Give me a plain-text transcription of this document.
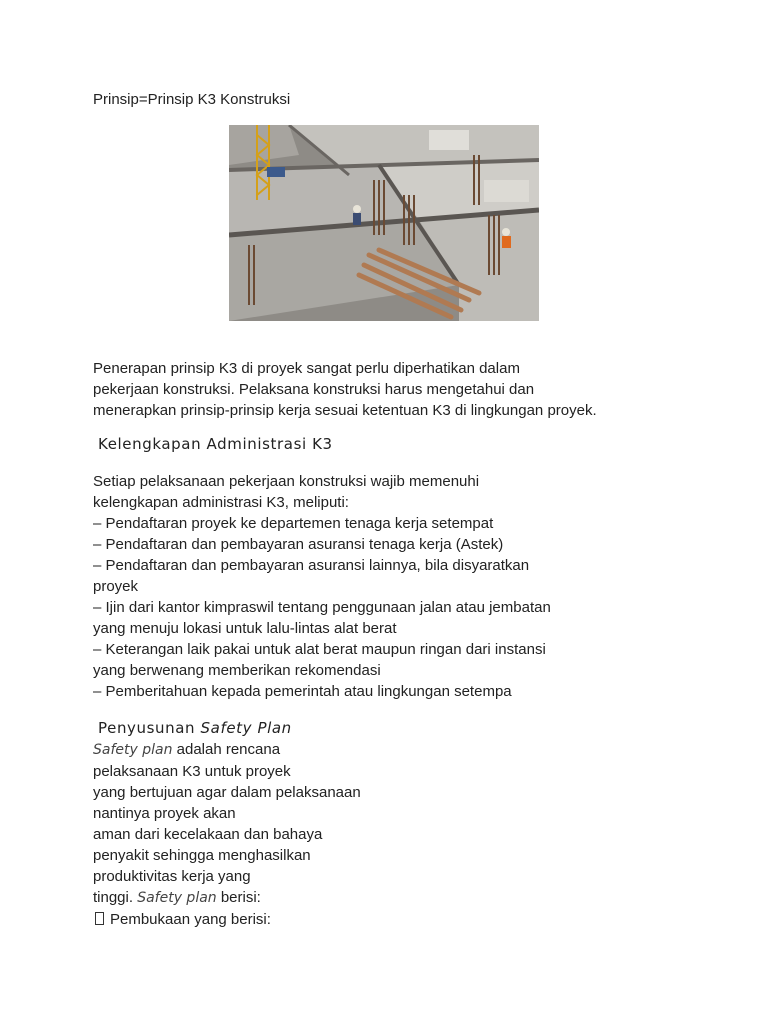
Prinsip=Prinsip K3 Konstruksi

Penerapan prinsip K3 di proyek sangat perlu diperhatikan dalam

pekerjaan konstruksi. Pelaksana konstruksi harus mengetahui dan

menerapkan prinsip-prinsip kerja sesuai ketentuan K3 di lingkungan proyek.

Kelengkapan Administrasi K3

Setiap pelaksanaan pekerjaan konstruksi wajib memenuhi

kelengkapan administrasi K3, meliputi:

– Pendaftaran proyek ke departemen tenaga kerja setempat

– Pendaftaran dan pembayaran asuransi tenaga kerja (Astek)

– Pendaftaran dan pembayaran asuransi lainnya, bila disyaratkan

proyek

– Ijin dari kantor kimpraswil tentang penggunaan jalan atau jembatan

yang menuju lokasi untuk lalu-lintas alat berat

– Keterangan laik pakai untuk alat berat maupun ringan dari instansi

yang berwenang memberikan rekomendasi

– Pemberitahuan kepada pemerintah atau lingkungan setempa

Penyusunan Safety Plan

Safety plan adalah rencana

pelaksanaan K3 untuk proyek

yang bertujuan agar dalam pelaksanaan

nantinya proyek akan

aman dari kecelakaan dan bahaya

penyakit sehingga menghasilkan

produktivitas kerja yang

tinggi. Safety plan berisi:

Pembukaan yang berisi:
